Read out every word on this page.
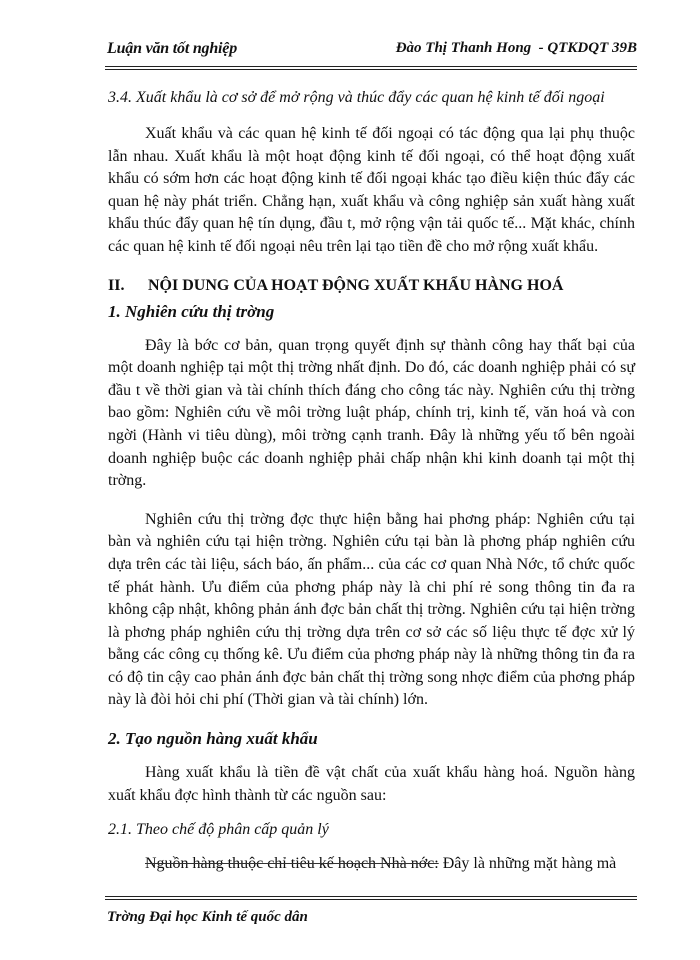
Luận văn tốt nghiệp	Đào Thị Thanh Hong  - QTKDQT 39B

3.4. Xuất khẩu là cơ sở để mở rộng và thúc đẩy các quan hệ kinh tế đối ngoại

Xuất khẩu và các quan hệ kinh tế đối ngoại có tác động qua lại phụ thuộc lẫn nhau. Xuất khẩu là một hoạt động kinh tế đối ngoại, có thể hoạt động xuất khẩu có sớm hơn các hoạt động kinh tế đối ngoại khác tạo điều kiện thúc đẩy các quan hệ này phát triển. Chẳng hạn, xuất khẩu và công nghiệp sản xuất hàng xuất khẩu thúc đẩy quan hệ tín dụng, đầu t, mở rộng vận tải quốc tế... Mặt khác, chính các quan hệ kinh tế đối ngoại nêu trên lại tạo tiền đề cho mở rộng xuất khẩu.

II.	NỘI DUNG CỦA HOẠT ĐỘNG XUẤT KHẨU HÀNG HOÁ

1. Nghiên cứu thị trờng

Đây là bớc cơ bản, quan trọng quyết định sự thành công hay thất bại của một doanh nghiệp tại một thị trờng nhất định. Do đó, các doanh nghiệp phải có sự đầu t về thời gian và tài chính thích đáng cho công tác này. Nghiên cứu thị trờng bao gồm: Nghiên cứu về môi trờng luật pháp, chính trị, kinh tế, văn hoá và con ngời (Hành vi tiêu dùng), môi trờng cạnh tranh. Đây là những yếu tố bên ngoài doanh nghiệp buộc các doanh nghiệp phải chấp nhận khi kinh doanh tại một thị trờng.

Nghiên cứu thị trờng đợc thực hiện bằng hai phơng pháp: Nghiên cứu tại bàn và nghiên cứu tại hiện trờng. Nghiên cứu tại bàn là phơng pháp nghiên cứu dựa trên các tài liệu, sách báo, ấn phẩm... của các cơ quan Nhà Nớc, tổ chức quốc tế phát hành. Ưu điểm của phơng pháp này là chi phí rẻ song thông tin đa ra không cập nhật, không phản ánh đợc bản chất thị trờng. Nghiên cứu tại hiện trờng là phơng pháp nghiên cứu thị trờng dựa trên cơ sở các số liệu thực tế đợc xử lý bằng các công cụ thống kê. Ưu điểm của phơng pháp này là những thông tin đa ra có độ tin cậy cao phản ánh đợc bản chất thị trờng song nhợc điểm của phơng pháp này là đòi hỏi chi phí (Thời gian và tài chính) lớn.

2. Tạo nguồn hàng xuất khẩu

Hàng xuất khẩu là tiền đề vật chất của xuất khẩu hàng hoá. Nguồn hàng xuất khẩu đợc hình thành từ các nguồn sau:

2.1. Theo chế độ phân cấp quản lý

Nguồn hàng thuộc chỉ tiêu kế hoạch Nhà nớc: Đây là những mặt hàng mà

Trờng Đại học Kinh tế quốc dân
